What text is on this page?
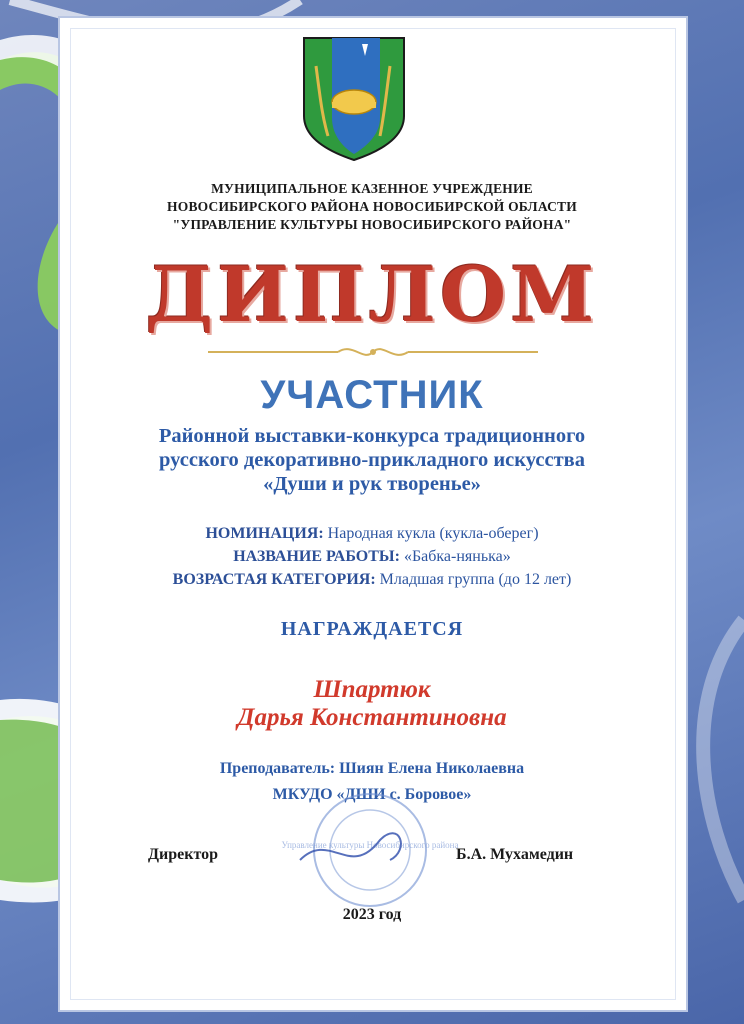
МУНИЦИПАЛЬНОЕ КАЗЕННОЕ УЧРЕЖДЕНИЕ
НОВОСИБИРСКОГО РАЙОНА НОВОСИБИРСКОЙ ОБЛАСТИ
"УПРАВЛЕНИЕ КУЛЬТУРЫ НОВОСИБИРСКОГО РАЙОНА"
ДИПЛОМ
УЧАСТНИК
Районной выставки-конкурса традиционного
русского декоративно-прикладного искусства
«Души и рук творенье»
НОМИНАЦИЯ: Народная кукла (кукла-оберег)
НАЗВАНИЕ РАБОТЫ: «Бабка-нянька»
ВОЗРАСТАЯ КАТЕГОРИЯ: Младшая группа (до 12 лет)
НАГРАЖДАЕТСЯ
Шпартюк
Дарья Константиновна
Преподаватель: Шиян Елена Николаевна
МКУДО «ДШИ с. Боровое»
Управление культуры Новосибирского района
Директор	Б.А. Мухамедин
2023 год
